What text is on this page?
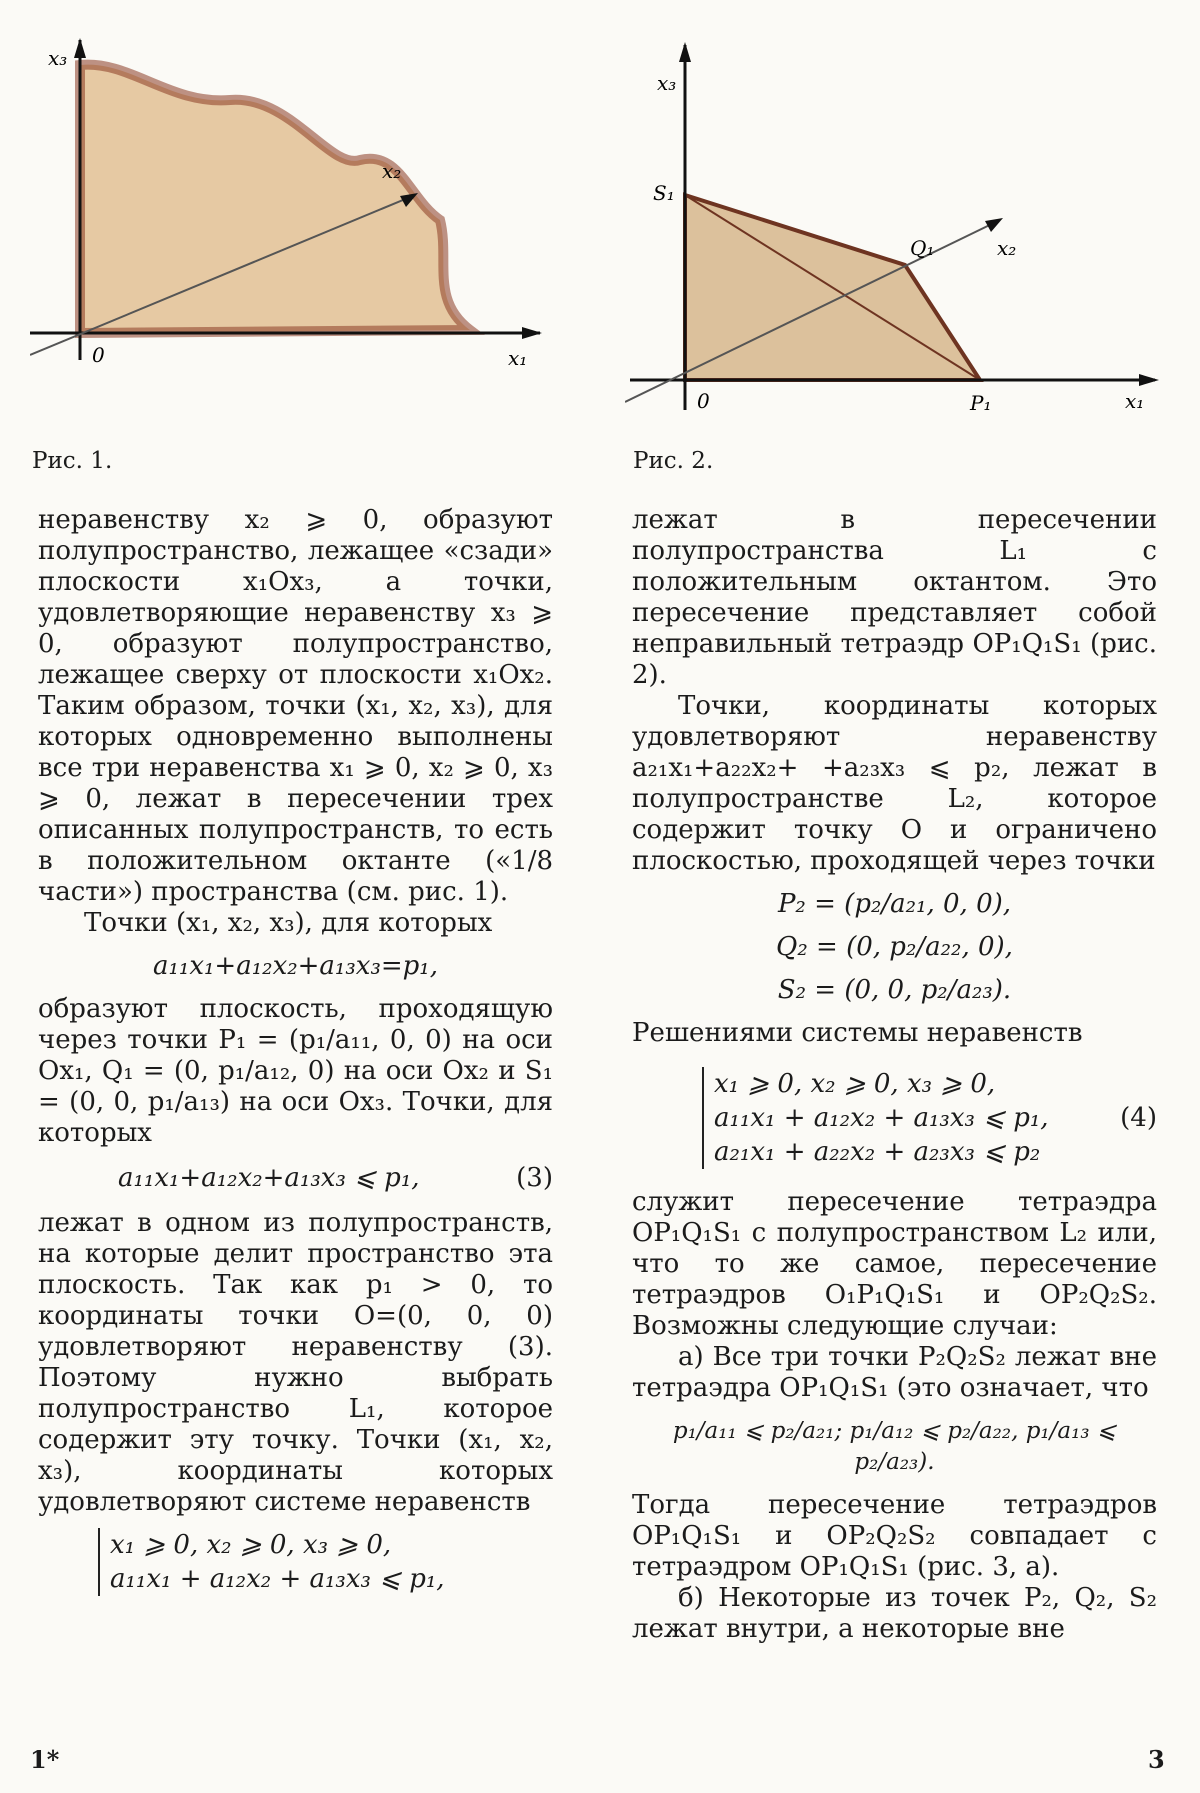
x₃
x₂
x₁
0
Рис. 1.
x₃
S₁
Q₁	x₂
0	P₁	x₁
Рис. 2.

неравенству x₂ ⩾ 0, образуют полупространство, лежащее «сзади» плоскости x₁Ox₃, а точки, удовлетворяющие неравенству x₃ ⩾ 0, образуют полупространство, лежащее сверху от плоскости x₁Ox₂. Таким образом, точки (x₁, x₂, x₃), для которых одновременно выполнены все три неравенства x₁ ⩾ 0, x₂ ⩾ 0, x₃ ⩾ 0, лежат в пересечении трех описанных полупространств, то есть в положительном октанте («1/8 части») пространства (см. рис. 1).

Точки (x₁, x₂, x₃), для которых

a₁₁x₁+a₁₂x₂+a₁₃x₃=p₁,

образуют плоскость, проходящую через точки P₁ = (p₁/a₁₁, 0, 0) на оси Ox₁, Q₁ = (0, p₁/a₁₂, 0) на оси Ox₂ и S₁ = (0, 0, p₁/a₁₃) на оси Ox₃. Точки, для которых

a₁₁x₁+a₁₂x₂+a₁₃x₃ ⩽ p₁,	(3)

лежат в одном из полупространств, на которые делит пространство эта плоскость. Так как p₁ > 0, то координаты точки O=(0, 0, 0) удовлетворяют неравенству (3). Поэтому нужно выбрать полупространство L₁, которое содержит эту точку. Точки (x₁, x₂, x₃), координаты которых удовлетворяют системе неравенств

x₁ ⩾ 0, x₂ ⩾ 0, x₃ ⩾ 0,
a₁₁x₁ + a₁₂x₂ + a₁₃x₃ ⩽ p₁,

лежат в пересечении полупространства L₁ с положительным октантом. Это пересечение представляет собой неправильный тетраэдр OP₁Q₁S₁ (рис. 2).

Точки, координаты которых удовлетворяют неравенству a₂₁x₁+a₂₂x₂+ +a₂₃x₃ ⩽ p₂, лежат в полупространстве L₂, которое содержит точку O и ограничено плоскостью, проходящей через точки

P₂ = (p₂/a₂₁, 0, 0),

Q₂ = (0, p₂/a₂₂, 0),

S₂ = (0, 0, p₂/a₂₃).

Решениями системы неравенств

x₁ ⩾ 0, x₂ ⩾ 0, x₃ ⩾ 0,
a₁₁x₁ + a₁₂x₂ + a₁₃x₃ ⩽ p₁,
a₂₁x₁ + a₂₂x₂ + a₂₃x₃ ⩽ p₂
(4)

служит пересечение тетраэдра OP₁Q₁S₁ с полупространством L₂ или, что то же самое, пересечение тетраэдров O₁P₁Q₁S₁ и OP₂Q₂S₂. Возможны следующие случаи:

а) Все три точки P₂Q₂S₂ лежат вне тетраэдра OP₁Q₁S₁ (это означает, что

p₁/a₁₁ ⩽ p₂/a₂₁; p₁/a₁₂ ⩽ p₂/a₂₂, p₁/a₁₃ ⩽ p₂/a₂₃).

Тогда пересечение тетраэдров OP₁Q₁S₁ и OP₂Q₂S₂ совпадает с тетраэдром OP₁Q₁S₁ (рис. 3, а).

б) Некоторые из точек P₂, Q₂, S₂ лежат внутри, а некоторые вне

1*	3
